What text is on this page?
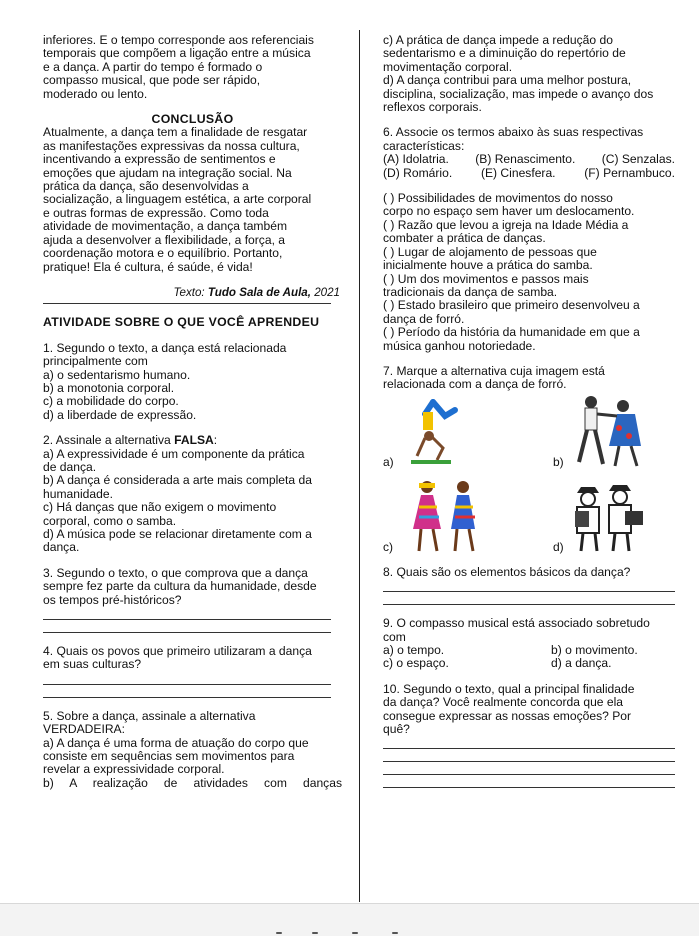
inferiores. E o tempo corresponde aos referenciais
temporais que compõem a ligação entre a música
e a dança. A partir do tempo é formado o
compasso musical, que pode ser rápido,
moderado ou lento.
CONCLUSÃO
Atualmente, a dança tem a finalidade de resgatar
as manifestações expressivas da nossa cultura,
incentivando a expressão de sentimentos e
emoções que ajudam na integração social. Na
prática da dança, são desenvolvidas a
socialização, a linguagem estética, a arte corporal
e outras formas de expressão. Como toda
atividade de movimentação, a dança também
ajuda a desenvolver a flexibilidade, a força, a
coordenação motora e o equilíbrio. Portanto,
pratique! Ela é cultura, é saúde, é vida!
Texto: Tudo Sala de Aula, 2021
ATIVIDADE SOBRE O QUE VOCÊ APRENDEU
1. Segundo o texto, a dança está relacionada
principalmente com
a) o sedentarismo humano.
b) a monotonia corporal.
c) a mobilidade do corpo.
d) a liberdade de expressão.
2. Assinale a alternativa FALSA:
a) A expressividade é um componente da prática
de dança.
b) A dança é considerada a arte mais completa da
humanidade.
c) Há danças que não exigem o movimento
corporal, como o samba.
d) A música pode se relacionar diretamente com a
dança.
3. Segundo o texto, o que comprova que a dança
sempre fez parte da cultura da humanidade, desde
os tempos pré-históricos?
4. Quais os povos que primeiro utilizaram a dança
em suas culturas?
5. Sobre a dança, assinale a alternativa
VERDADEIRA:
a) A dança é uma forma de atuação do corpo que
consiste em sequências sem movimentos para
revelar a expressividade corporal.
b) A realização de atividades com danças
c) A prática de dança impede a redução do
sedentarismo e a diminuição do repertório de
movimentação corporal.
d) A dança contribui para uma melhor postura,
disciplina, socialização, mas impede o avanço dos
reflexos corporais.
6. Associe os termos abaixo às suas respectivas
características:
(A) Idolatria. (B) Renascimento. (C) Senzalas.
(D) Romário. (E) Cinesfera. (F) Pernambuco.
( ) Possibilidades de movimentos do nosso
corpo no espaço sem haver um deslocamento.
( ) Razão que levou a igreja na Idade Média a
combater a prática de danças.
( ) Lugar de alojamento de pessoas que
inicialmente houve a prática do samba.
( ) Um dos movimentos e passos mais
tradicionais da dança de samba.
( ) Estado brasileiro que primeiro desenvolveu a
dança de forró.
( ) Período da história da humanidade em que a
música ganhou notoriedade.
7. Marque a alternativa cuja imagem está
relacionada com a dança de forró.
a)	b)
c)	d)
8. Quais são os elementos básicos da dança?
9. O compasso musical está associado sobretudo
com
a) o tempo.	b) o movimento.
c) o espaço.	d) a dança.
10. Segundo o texto, qual a principal finalidade
da dança? Você realmente concorda que ela
consegue expressar as nossas emoções? Por
quê?
